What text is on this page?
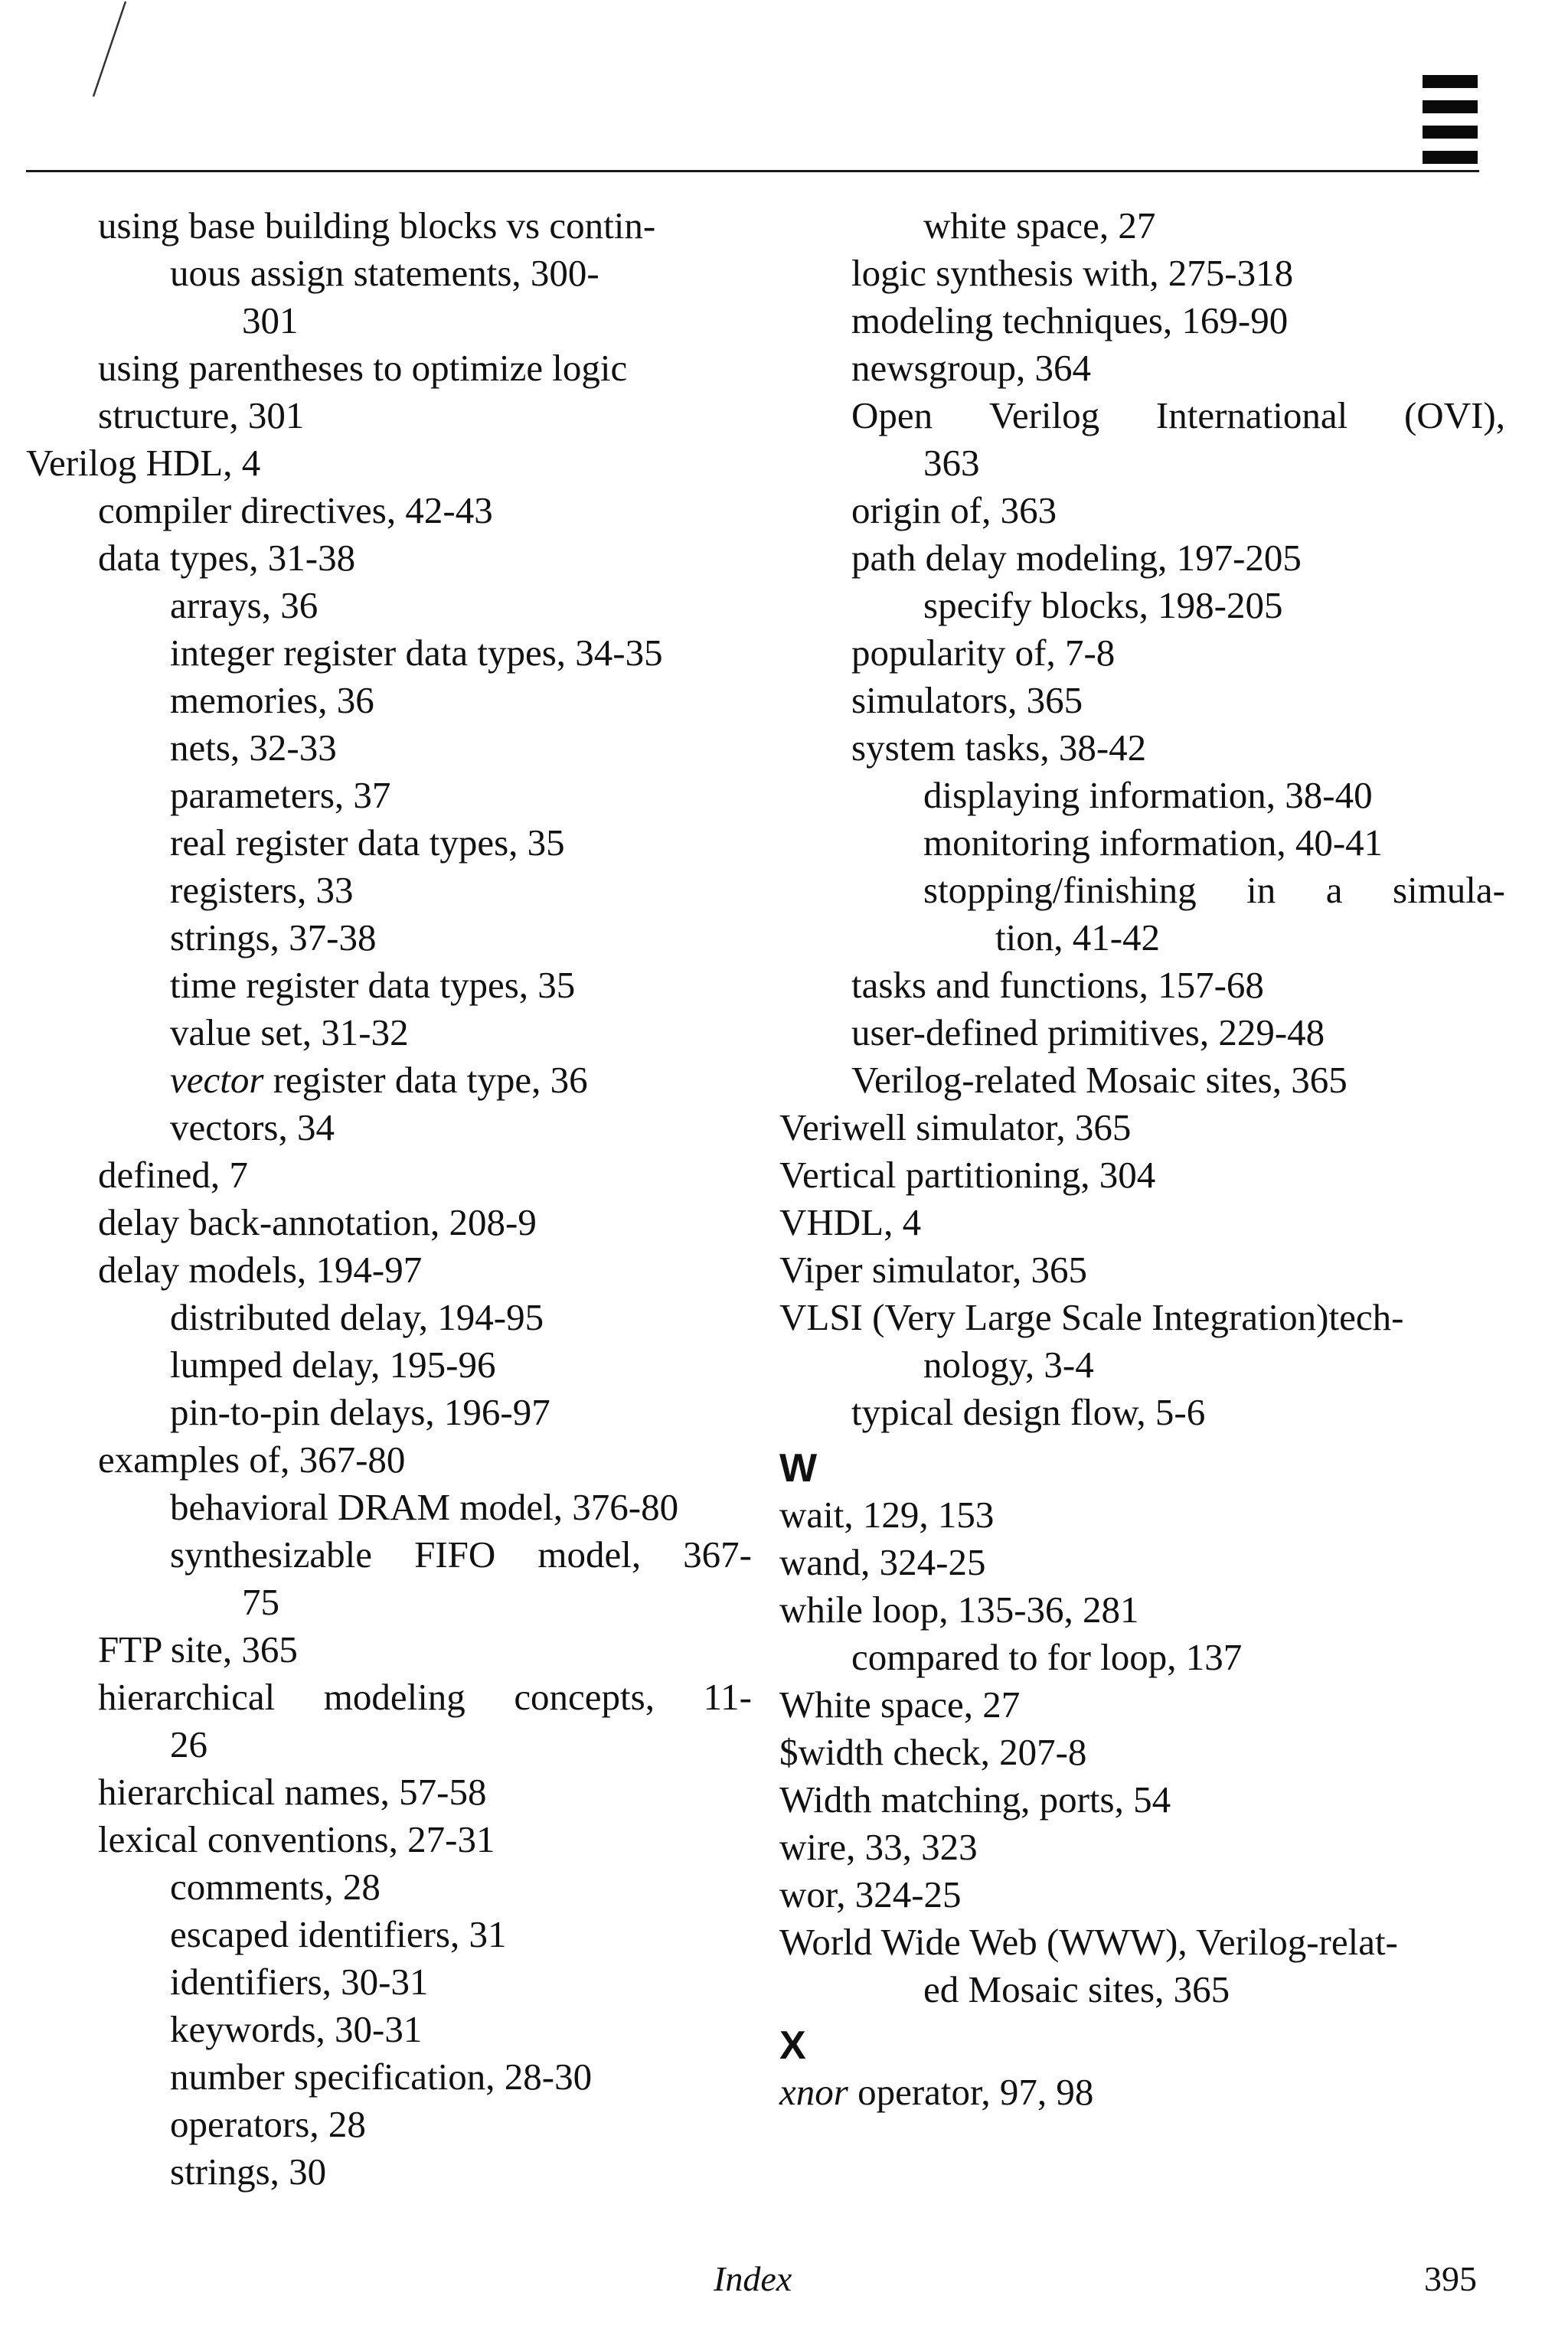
using base building blocks vs contin-
uous assign statements, 300-
301
using parentheses to optimize logic
structure, 301
Verilog HDL, 4
compiler directives, 42-43
data types, 31-38
arrays, 36
integer register data types, 34-35
memories, 36
nets, 32-33
parameters, 37
real register data types, 35
registers, 33
strings, 37-38
time register data types, 35
value set, 31-32
vector register data type, 36
vectors, 34
defined, 7
delay back-annotation, 208-9
delay models, 194-97
distributed delay, 194-95
lumped delay, 195-96
pin-to-pin delays, 196-97
examples of, 367-80
behavioral DRAM model, 376-80
synthesizable FIFO model, 367-
75
FTP site, 365
hierarchical modeling concepts, 11-
26
hierarchical names, 57-58
lexical conventions, 27-31
comments, 28
escaped identifiers, 31
identifiers, 30-31
keywords, 30-31
number specification, 28-30
operators, 28
strings, 30
white space, 27
logic synthesis with, 275-318
modeling techniques, 169-90
newsgroup, 364
Open Verilog International (OVI),
363
origin of, 363
path delay modeling, 197-205
specify blocks, 198-205
popularity of, 7-8
simulators, 365
system tasks, 38-42
displaying information, 38-40
monitoring information, 40-41
stopping/finishing in a simula-
tion, 41-42
tasks and functions, 157-68
user-defined primitives, 229-48
Verilog-related Mosaic sites, 365
Veriwell simulator, 365
Vertical partitioning, 304
VHDL, 4
Viper simulator, 365
VLSI (Very Large Scale Integration)tech-
nology, 3-4
typical design flow, 5-6
W
wait, 129, 153
wand, 324-25
while loop, 135-36, 281
compared to for loop, 137
White space, 27
$width check, 207-8
Width matching, ports, 54
wire, 33, 323
wor, 324-25
World Wide Web (WWW), Verilog-relat-
ed Mosaic sites, 365
X
xnor operator, 97, 98
Index	395
